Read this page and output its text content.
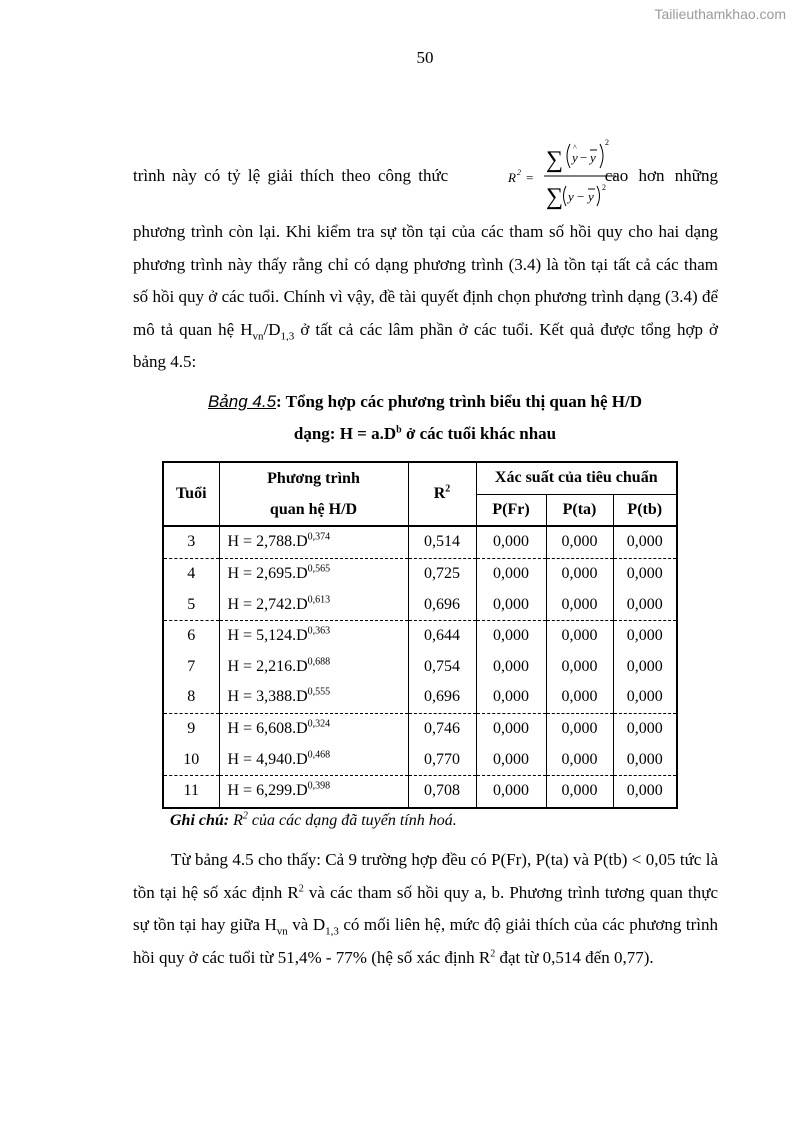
Tailieuthamkhao.com
50
trình này có tỷ lệ giải thích theo công thức	R 2 =
∑ ^
y − y
2
∑ y − y
2
cao hơn những
phương trình còn lại. Khi kiểm tra sự tồn tại của các tham số hồi quy cho hai dạng phương trình này thấy rằng chỉ có dạng phương trình (3.4) là tồn tại tất cả các tham số hồi quy ở các tuổi. Chính vì vậy, đề tài quyết định chọn phương trình dạng (3.4) để mô tả quan hệ $H_{vn}/D_{1,3}$ ở tất cả các lâm phần ở các tuổi. Kết quả được tổng hợp ở bảng 4.5:
Bảng 4.5: Tổng hợp các phương trình biểu thị quan hệ H/D
dạng: $H = a.D^b$ ở các tuổi khác nhau
Tuổi	Phương trình	$R^2$	Xác suất của tiêu chuẩn		
	quan hệ H/D		P(Fr)	P(ta)	P(tb)
3	$H = 2,788.D^{0,374}$	0,514	0,000	0,000	0,000
4	$H = 2,695.D^{0,565}$	0,725	0,000	0,000	0,000
5	$H = 2,742.D^{0,613}$	0,696	0,000	0,000	0,000
6	$H = 5,124.D^{0,363}$	0,644	0,000	0,000	0,000
7	$H = 2,216.D^{0,688}$	0,754	0,000	0,000	0,000
8	$H = 3,388.D^{0,555}$	0,696	0,000	0,000	0,000
9	$H = 6,608.D^{0,324}$	0,746	0,000	0,000	0,000
10	$H = 4,940.D^{0,468}$	0,770	0,000	0,000	0,000
11	$H = 6,299.D^{0,398}$	0,708	0,000	0,000	0,000
Ghi chú: $R^2$ của các dạng đã tuyến tính hoá.
Từ bảng 4.5 cho thấy: Cả 9 trường hợp đều có P(Fr), P(ta) và P(tb) < 0,05 tức là tồn tại hệ số xác định $R^2$ và các tham số hồi quy a, b. Phương trình tương quan thực sự tồn tại hay giữa $H_{vn}$ và $D_{1,3}$ có mối liên hệ, mức độ giải thích của các phương trình hồi quy ở các tuổi từ 51,4% - 77% (hệ số xác định $R^2$ đạt từ 0,514 đến 0,77).
